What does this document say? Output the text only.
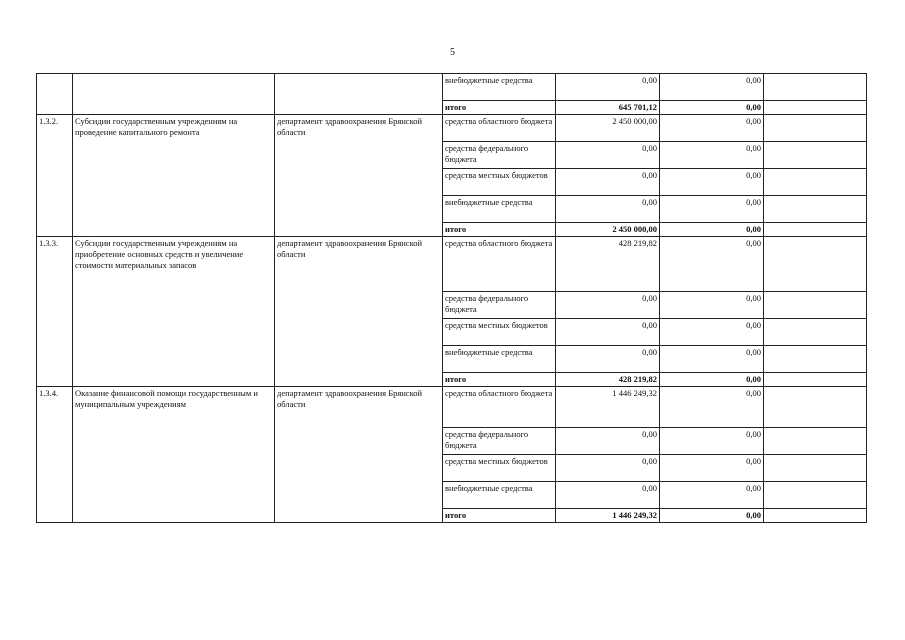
5
			внебюджетные средства	0,00	0,00	
			итого	645 701,12	0,00	
1.3.2.	Субсидии государственным учреждениям на проведение капитального ремонта	департамент здравоохранения Брянской области	средства областного бюджета	2 450 000,00	0,00	
			средства федерального бюджета	0,00	0,00	
			средства местных бюджетов	0,00	0,00	
			внебюджетные средства	0,00	0,00	
			итого	2 450 000,00	0,00	
1.3.3.	Субсидии государственным учреждениям на приобретение основных средств и увеличение стоимости материальных запасов	департамент здравоохранения Брянской области	средства областного бюджета	428 219,82	0,00	
			средства федерального бюджета	0,00	0,00	
			средства местных бюджетов	0,00	0,00	
			внебюджетные средства	0,00	0,00	
			итого	428 219,82	0,00	
1.3.4.	Оказание финансовой помощи государственным и муниципальным учреждениям	департамент здравоохранения Брянской области	средства областного бюджета	1 446 249,32	0,00	
			средства федерального бюджета	0,00	0,00	
			средства местных бюджетов	0,00	0,00	
			внебюджетные средства	0,00	0,00	
			итого	1 446 249,32	0,00	
